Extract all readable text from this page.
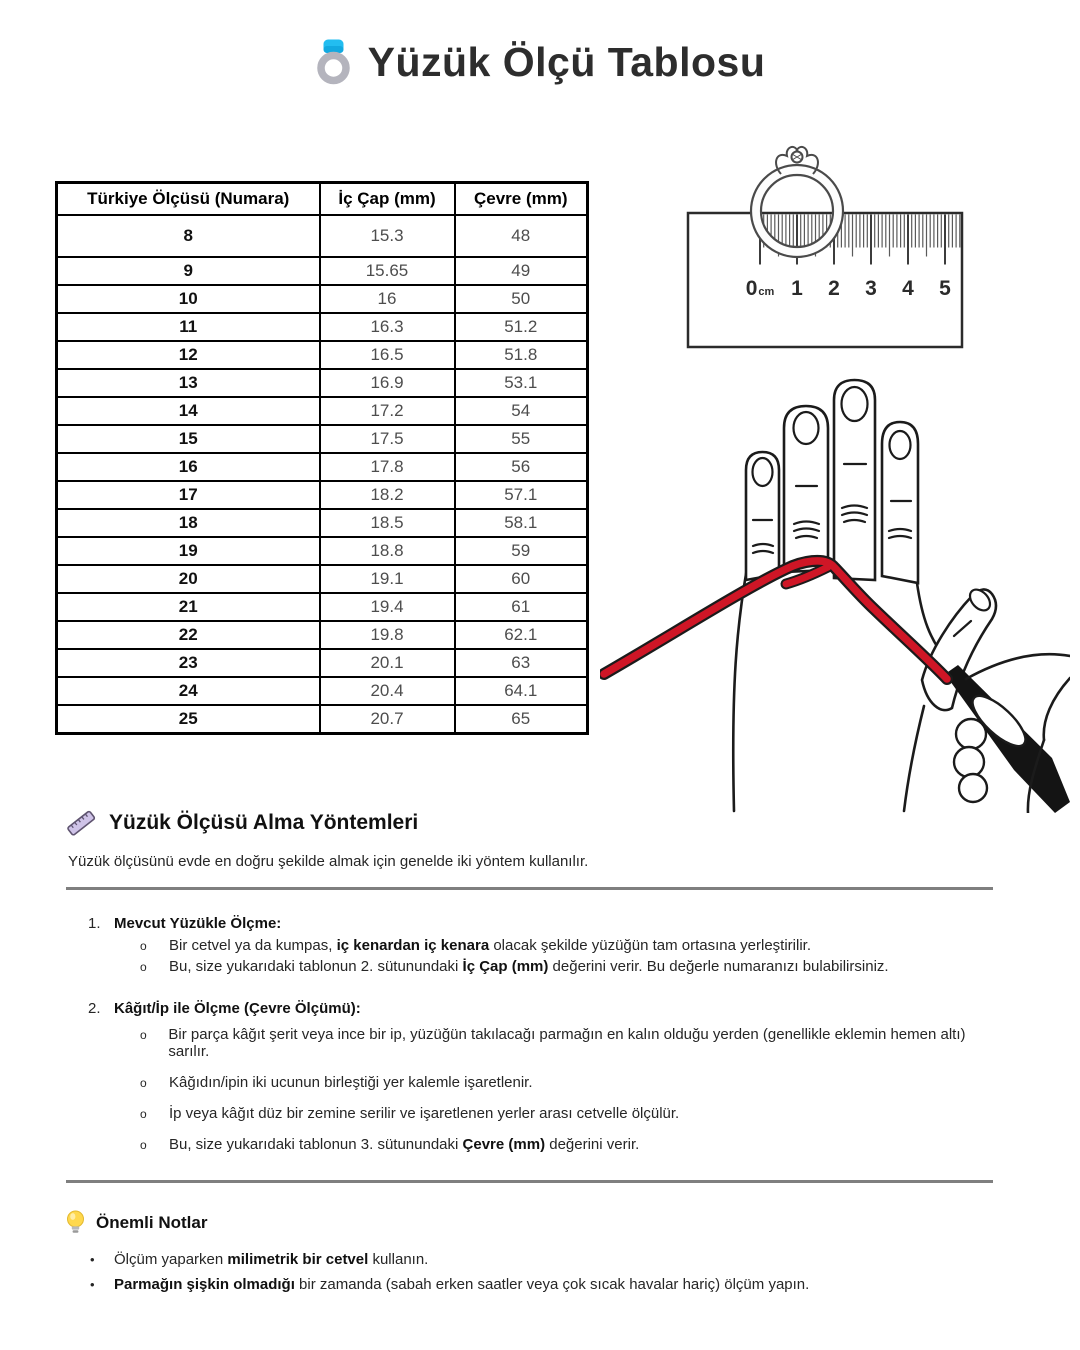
Yüzük Ölçü Tablosu
Türkiye Ölçüsü (Numara)	İç Çap (mm)	Çevre (mm)
8	15.3	48
9	15.65	49
10	16	50
11	16.3	51.2
12	16.5	51.8
13	16.9	53.1
14	17.2	54
15	17.5	55
16	17.8	56
17	18.2	57.1
18	18.5	58.1
19	18.8	59
20	19.1	60
21	19.4	61
22	19.8	62.1
23	20.1	63
24	20.4	64.1
25	20.7	65
0cm 1 2 3 4 5
Yüzük Ölçüsü Alma Yöntemleri

Yüzük ölçüsünü evde en doğru şekilde almak için genelde iki yöntem kullanılır.

1. Mevcut Yüzükle Ölçme:
o	Bir cetvel ya da kumpas, iç kenardan iç kenara olacak şekilde yüzüğün tam ortasına yerleştirilir.
o	Bu, size yukarıdaki tablonun 2. sütunundaki İç Çap (mm) değerini verir. Bu değerle numaranızı bulabilirsiniz.
2. Kâğıt/İp ile Ölçme (Çevre Ölçümü):
o	Bir parça kâğıt şerit veya ince bir ip, yüzüğün takılacağı parmağın en kalın olduğu yerden (genellikle eklemin hemen altı) sarılır.
o	Kâğıdın/ipin iki ucunun birleştiği yer kalemle işaretlenir.
o	İp veya kâğıt düz bir zemine serilir ve işaretlenen yerler arası cetvelle ölçülür.
o	Bu, size yukarıdaki tablonun 3. sütunundaki Çevre (mm) değerini verir.
Önemli Notlar
•	Ölçüm yaparken milimetrik bir cetvel kullanın.
•	Parmağın şişkin olmadığı bir zamanda (sabah erken saatler veya çok sıcak havalar hariç) ölçüm yapın.
